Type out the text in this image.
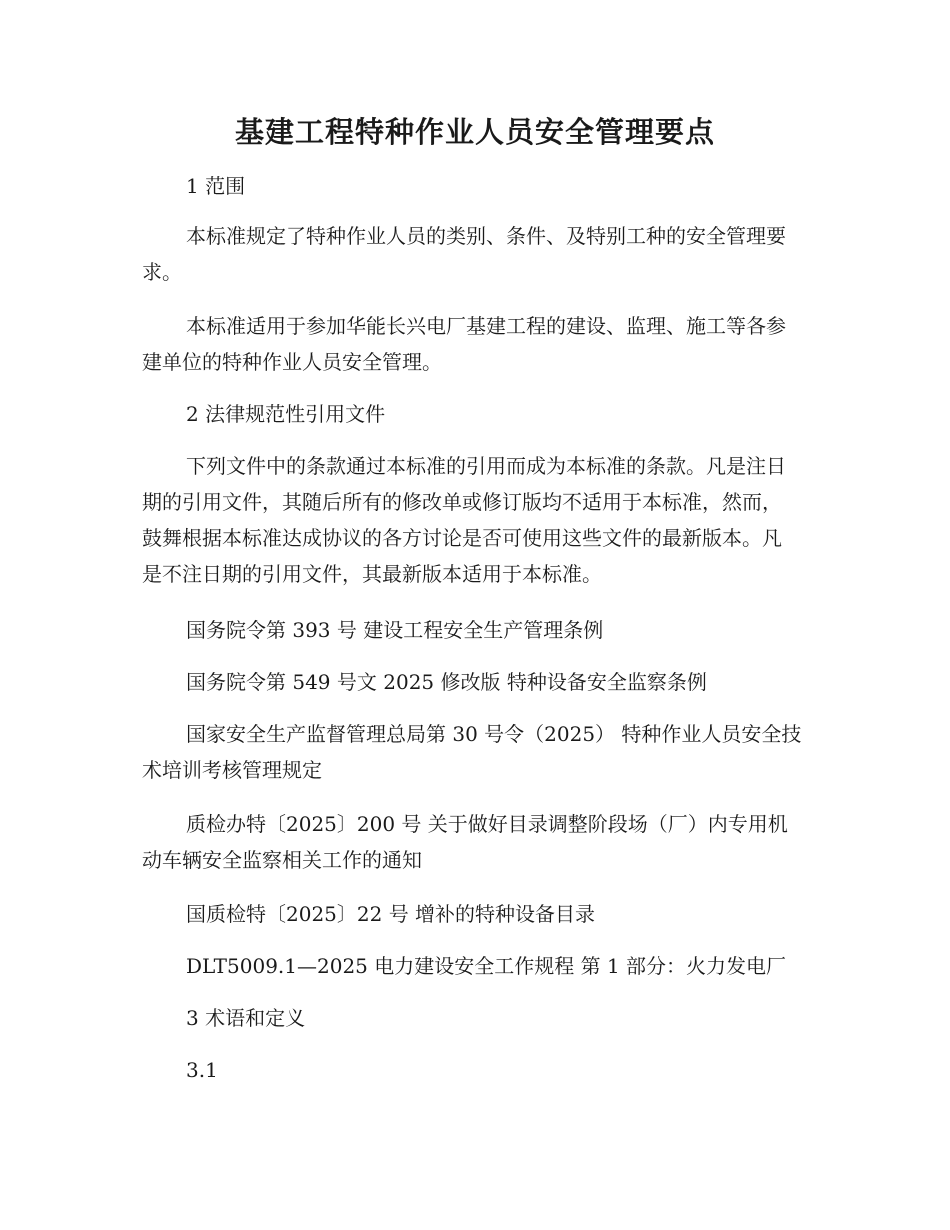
基建工程特种作业人员安全管理要点

1 范围

本标准规定了特种作业人员的类别、条件、及特别工种的安全管理要求。

本标准适用于参加华能长兴电厂基建工程的建设、监理、施工等各参建单位的特种作业人员安全管理。

2 法律规范性引用文件

下列文件中的条款通过本标准的引用而成为本标准的条款。凡是注日期的引用文件，其随后所有的修改单或修订版均不适用于本标准，然而，鼓舞根据本标准达成协议的各方讨论是否可使用这些文件的最新版本。凡是不注日期的引用文件，其最新版本适用于本标准。

国务院令第 393 号 建设工程安全生产管理条例

国务院令第 549 号文 2025 修改版 特种设备安全监察条例

国家安全生产监督管理总局第 30 号令（2025） 特种作业人员安全技术培训考核管理规定

质检办特〔2025〕200 号 关于做好目录调整阶段场（厂）内专用机动车辆安全监察相关工作的通知

国质检特〔2025〕22 号 增补的特种设备目录

DLT5009.1—2025 电力建设安全工作规程 第 1 部分：火力发电厂

3 术语和定义

3.1
